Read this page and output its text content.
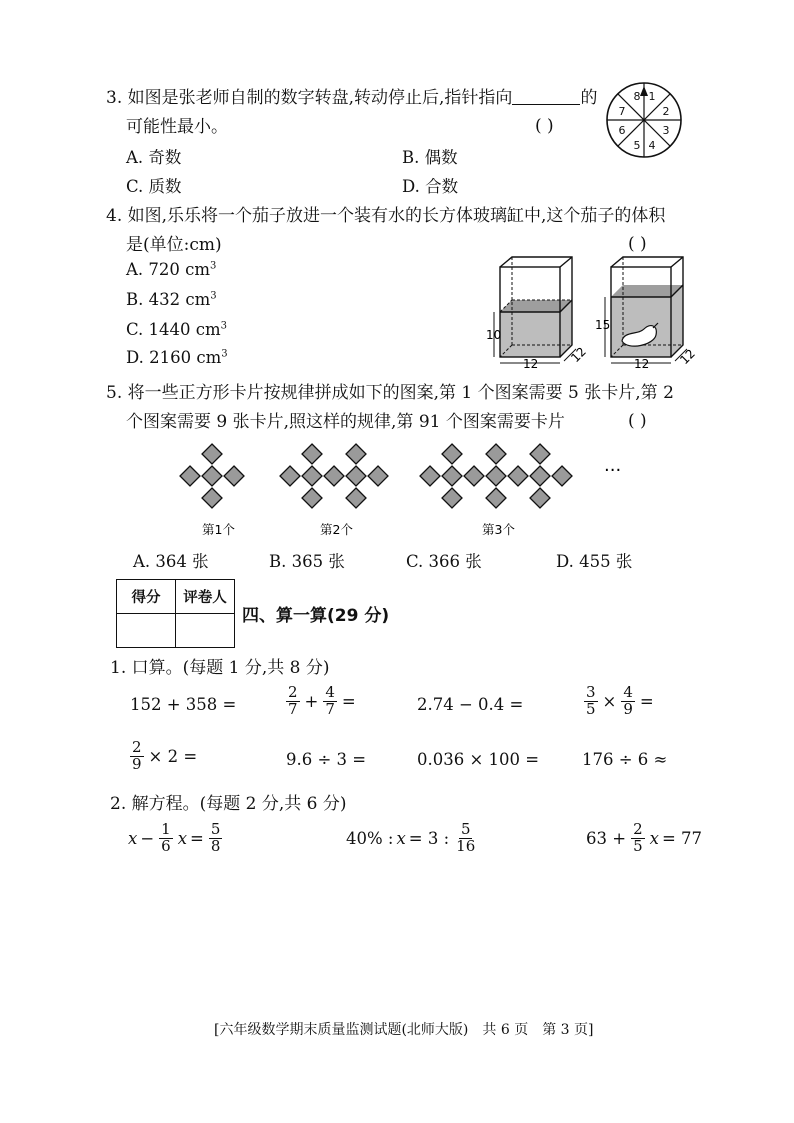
3. 如图是张老师自制的数字转盘,转动停止后,指针指向	的
可能性最小。	( )
A. 奇数	B. 偶数
C. 质数	D. 合数
1
2
3
4
5
6
7
8
4. 如图,乐乐将一个茄子放进一个装有水的长方体玻璃缸中,这个茄子的体积
是(单位:cm)	( )
A. 720 $cm^3$
B. 432 $cm^3$
C. 1440 $cm^3$
D. 2160 $cm^3$
10
12 12
15
12 12
5. 将一些正方形卡片按规律拼成如下的图案,第 1 个图案需要 5 张卡片,第 2
个图案需要 9 张卡片,照这样的规律,第 91 个图案需要卡片	( )
第1个	第2个	第3个
···
A. 364 张	B. 365 张	C. 366 张	D. 455 张
得分	评卷人

四、算一算(29 分)
1. 口算。(每题 1 分,共 8 分)
152 + 358 =	$\frac{2}{7} + \frac{4}{7}$ =	2.74 − 0.4 =	$\frac{3}{5} \times \frac{4}{9}$ =
$\frac{2}{9} \times 2$ =	9.6 ÷ 3 =	0.036 × 100 =	176 ÷ 6 ≈
2. 解方程。(每题 2 分,共 6 分)
$x - \frac{1}{6}$ $x = \frac{5}{8}$	40% : x = 3 : $\frac{5}{16}$	$63 + \frac{2}{5}$ x = 77
[六年级数学期末质量监测试题(北师大版)　共 6 页　第 3 页]
